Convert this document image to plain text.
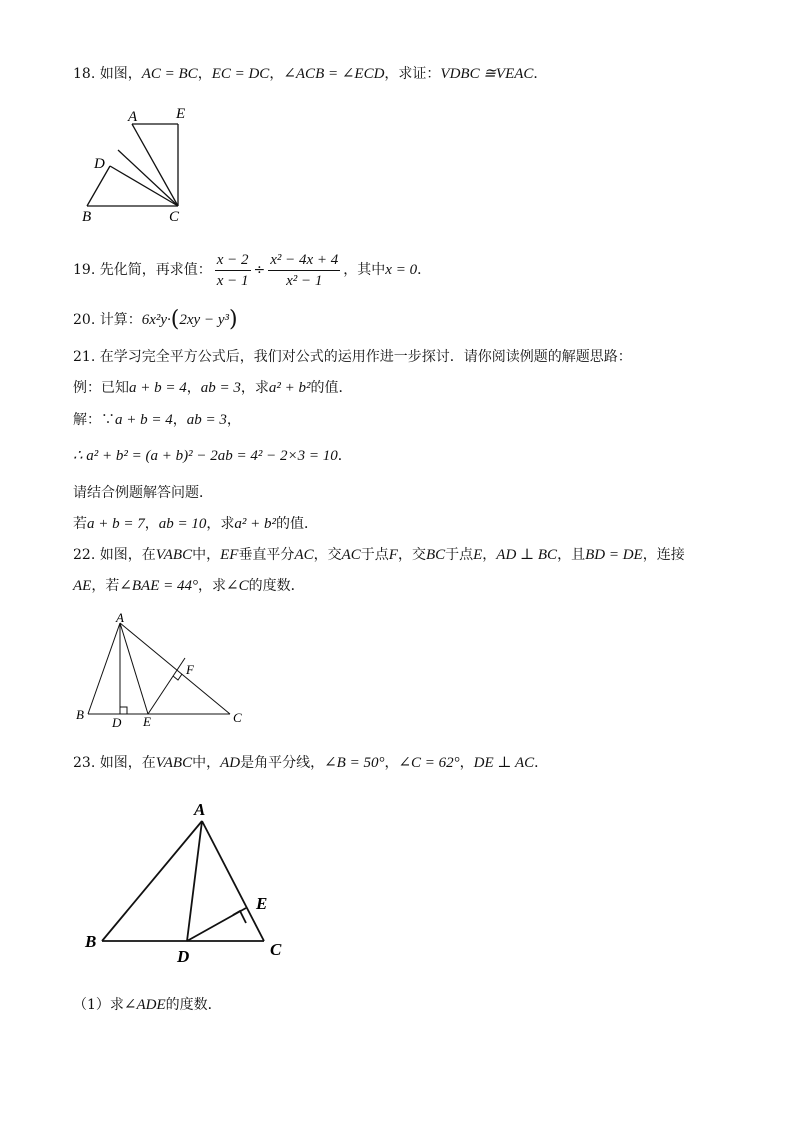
18. 如图，AC = BC，EC = DC，∠ACB = ∠ECD，求证：VDBC ≅VEAC．
A	E
D
B	C
19. 先化简，再求值： $\frac{x - 2}{x - 1} \div \frac{\text{x² − 4x + 4}}{\text{x² − 1}}$ ，其中x = 0．
20. 计算：6x²y·(2xy − y³)
21. 在学习完全平方公式后，我们对公式的运用作进一步探讨．请你阅读例题的解题思路：
例：已知a + b = 4，ab = 3，求a² + b²的值．
解：∵a + b = 4，ab = 3，
∴ a² + b² = (a + b)² − 2ab = 4² − 2×3 = 10．
请结合例题解答问题．
若a + b = 7，ab = 10，求a² + b²的值．
22. 如图，在VABC中，EF垂直平分AC，交AC于点F，交BC于点E，AD ⊥ BC，且BD = DE，连接
AE，若∠BAE = 44°，求∠C的度数．
A
F
B
D E	C
23. 如图，在VABC中，AD是角平分线，∠B = 50°，∠C = 62°，DE ⊥ AC．
A
B
D
E
C
（1）求∠ADE的度数．
